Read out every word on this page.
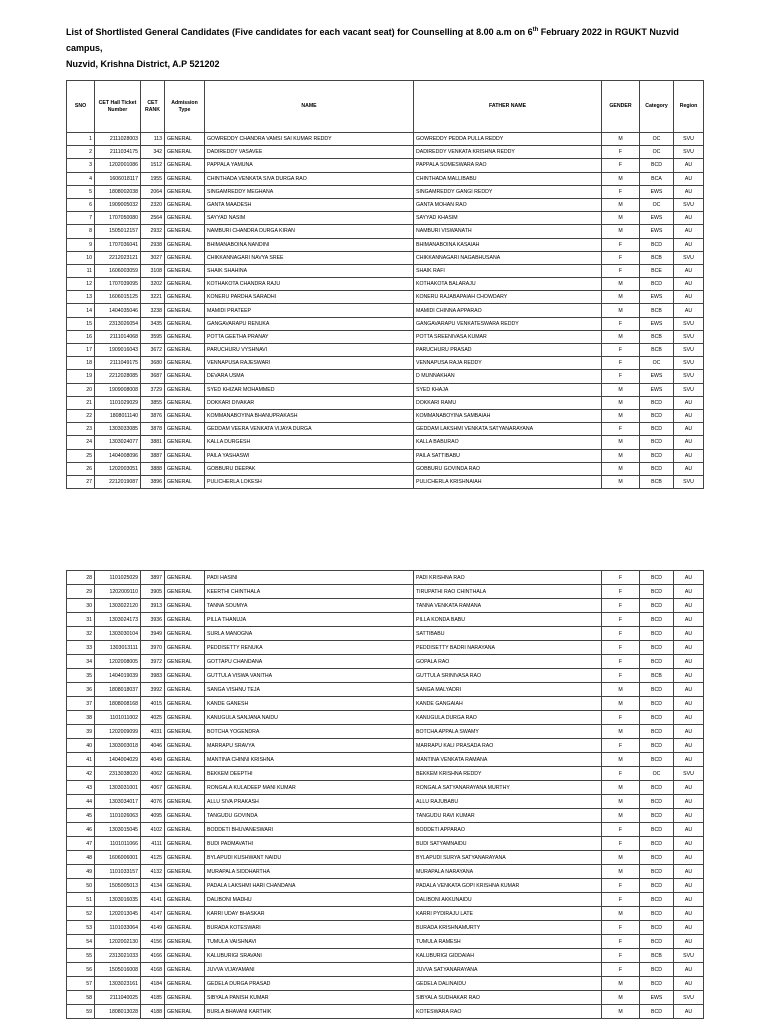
List of Shortlisted General Candidates (Five candidates for each vacant seat) for Counselling at 8.00 a.m on 6th February 2022 in RGUKT Nuzvid campus,
Nuzvid, Krishna District, A.P 521202
SNO	CET Hall Ticket Number	CET RANK	Admission Type	NAME	FATHER NAME	GENDER	Category	Region
1	2111028003	113	GENERAL	GOWREDDY CHANDRA VAMSI SAI KUMAR REDDY	GOWREDDY PEDDA PULLA REDDY	M	OC	SVU
2	2111034175	342	GENERAL	DADIREDDY VASAVEE	DADIREDDY VENKATA KRISHNA REDDY	F	OC	SVU
3	1202001086	1512	GENERAL	PAPPALA YAMUNA	PAPPALA SOMESWARA RAO	F	BCD	AU
4	1606018117	1955	GENERAL	CHINTHADA VENKATA SIVA DURGA RAO	CHINTHADA MALLIBABU	M	BCA	AU
5	1808002038	2064	GENERAL	SINGAMREDDY MEGHANA	SINGAMREDDY GANGI REDDY	F	EWS	AU
6	1909005032	2320	GENERAL	GANTA MAADESH	GANTA MOHAN RAO	M	OC	SVU
7	1707050080	2564	GENERAL	SAYYAD NASIM	SAYYAD KHASIM	M	EWS	AU
8	1505012157	2932	GENERAL	NAMBURI CHANDRA DURGA KIRAN	NAMBURI VISWANATH	M	EWS	AU
9	1707036041	2938	GENERAL	BHIMANABOINA NANDINI	BHIMANABOINA KASAIAH	F	BCD	AU
10	2212023121	3027	GENERAL	CHIKKANNAGARI NAVYA SREE	CHIKKANNAGARI NAGABHUSANA	F	BCB	SVU
11	1606003059	3108	GENERAL	SHAIK SHAHINA	SHAIK RAFI	F	BCE	AU
12	1707039095	3202	GENERAL	KOTHAKOTA CHANDRA RAJU	KOTHAKOTA BALARAJU	M	BCD	AU
13	1606015125	3221	GENERAL	KONERU PARDHA SARADHI	KONERU RAJABAPAIAH CHOWDARY	M	EWS	AU
14	1404035046	3238	GENERAL	MAMIDI PRATEEP	MAMIDI CHINNA APPARAO	M	BCB	AU
15	2313026054	3435	GENERAL	GANGAVARAPU RENUKA	GANGAVARAPU VENKATESWARA REDDY	F	EWS	SVU
16	2111014068	3595	GENERAL	POTTA GEETHA PRANAY	POTTA SREENIVASA KUMAR	M	BCB	SVU
17	1909016043	3672	GENERAL	PARUCHURU VYSHNAVI	PARUCHURU PRASAD	F	BCB	SVU
18	2111049175	3680	GENERAL	VENNAPUSA RAJESWARI	VENNAPUSA RAJA REDDY	F	OC	SVU
19	2212028085	3687	GENERAL	DEVARA USMA	D MUNNAKHAN	F	EWS	SVU
20	1909008008	3729	GENERAL	SYED KHIZAR MOHAMMED	SYED KHAJA	M	EWS	SVU
21	1101029029	3855	GENERAL	DOKKARI DIVAKAR	DOKKARI RAMU	M	BCD	AU
22	1808011140	3876	GENERAL	KOMMANABOYINA BHANUPRAKASH	KOMMANABOYINA SAMBAIAH	M	BCD	AU
23	1303033085	3878	GENERAL	GEDDAM VEERA VENKATA VIJAYA DURGA	GEDDAM LAKSHMI VENKATA SATYANARAYANA	F	BCD	AU
24	1303024077	3881	GENERAL	KALLA DURGESH	KALLA BABURAO	M	BCD	AU
25	1404008096	3887	GENERAL	PAILA YASHASWI	PAILA SATTIBABU	M	BCD	AU
26	1202003051	3888	GENERAL	GOBBURU DEEPAK	GOBBURU GOVINDA RAO	M	BCD	AU
27	2212019087	3896	GENERAL	PULICHERLA LOKESH	PULICHERLA KRISHNAIAH	M	BCB	SVU
28	1101025029	3897	GENERAL	PADI HASINI	PADI KRISHNA RAO	F	BCD	AU
29	1202009110	3905	GENERAL	KEERTHI CHINTHALA	TIRUPATHI RAO CHINTHALA	F	BCD	AU
30	1303022120	3913	GENERAL	TANNA SOUMYA	TANNA VENKATA RAMANA	F	BCD	AU
31	1303024173	3936	GENERAL	PILLA THANUJA	PILLA KONDA BABU	F	BCD	AU
32	1303030104	3949	GENERAL	SURLA MANOGNA	SATTIBABU	F	BCD	AU
33	1303013111	3970	GENERAL	PEDDISETTY RENUKA	PEDDISETTY BADRI NARAYANA	F	BCD	AU
34	1202008005	3972	GENERAL	GOTTAPU CHANDANA	GOPALA RAO	F	BCD	AU
35	1404019039	3983	GENERAL	GUTTULA VISWA VANITHA	GUTTULA SRINIVASA RAO	F	BCB	AU
36	1808018037	3992	GENERAL	SANGA VISHNU TEJA	SANGA MALYADRI	M	BCD	AU
37	1808008168	4015	GENERAL	KANDE GANESH	KANDE GANGAIAH	M	BCD	AU
38	1101011002	4025	GENERAL	KANUGULA SANJANA NAIDU	KANUGULA DURGA RAO	F	BCD	AU
39	1202009099	4031	GENERAL	BOTCHA YOGENDRA	BOTCHA APPALA SWAMY	M	BCD	AU
40	1303003018	4046	GENERAL	MARRAPU SRAVYA	MARRAPU KALI PRASADA RAO	F	BCD	AU
41	1404004029	4049	GENERAL	MANTINA CHINNI KRISHNA	MANTINA VENKATA RAMANA	M	BCD	AU
42	2313038020	4062	GENERAL	BEKKEM DEEPTHI	BEKKEM KRISHNA REDDY	F	OC	SVU
43	1303031001	4067	GENERAL	RONGALA KULADEEP MANI KUMAR	RONGALA SATYANARAYANA MURTHY	M	BCD	AU
44	1303034017	4076	GENERAL	ALLU SIVA PRAKASH	ALLU RAJUBABU	M	BCD	AU
45	1101026063	4095	GENERAL	TANGUDU GOVINDA	TANGUDU RAVI KUMAR	M	BCD	AU
46	1303015045	4102	GENERAL	BODDETI BHUVANESWARI	BODDETI APPARAO	F	BCD	AU
47	1101011066	4111	GENERAL	BUDI PADMAVATHI	BUDI SATYAMNAIDU	F	BCD	AU
48	1606006001	4125	GENERAL	BYLAPUDI KUSHWANT NAIDU	BYLAPUDI SURYA SATYANARAYANA	M	BCD	AU
49	1101033157	4132	GENERAL	MURAPALA SIDDHARTHA	MURAPALA NARAYANA	M	BCD	AU
50	1505005013	4134	GENERAL	PADALA LAKSHMI HARI CHANDANA	PADALA VENKATA GOPI KRISHNA KUMAR	F	BCD	AU
51	1303016035	4141	GENERAL	DALIBONI MADHU	DALIBONI AKKUNAIDU	F	BCD	AU
52	1202013045	4147	GENERAL	KARRI UDAY BHASKAR	KARRI PYDIRAJU LATE	M	BCD	AU
53	1101033064	4149	GENERAL	BURADA KOTESWARI	BURADA KRISHNAMURTY	F	BCD	AU
54	1202002130	4156	GENERAL	TUMULA VAISHNAVI	TUMULA RAMESH	F	BCD	AU
55	2313021033	4166	GENERAL	KALUBURIGI SRAVANI	KALUBURIGI GIDDAIAH	F	BCB	SVU
56	1505016008	4168	GENERAL	JUVVA VIJAYAMANI	JUVVA SATYANARAYANA	F	BCD	AU
57	1303023161	4184	GENERAL	GEDELA DURGA PRASAD	GEDELA DALINAIDU	M	BCD	AU
58	2111040025	4185	GENERAL	SIBYALA PANISH KUMAR	SIBYALA SUDHAKAR RAO	M	EWS	SVU
59	1808013028	4188	GENERAL	BURLA BHAVANI KARTHIK	KOTESWARA RAO	M	BCD	AU
